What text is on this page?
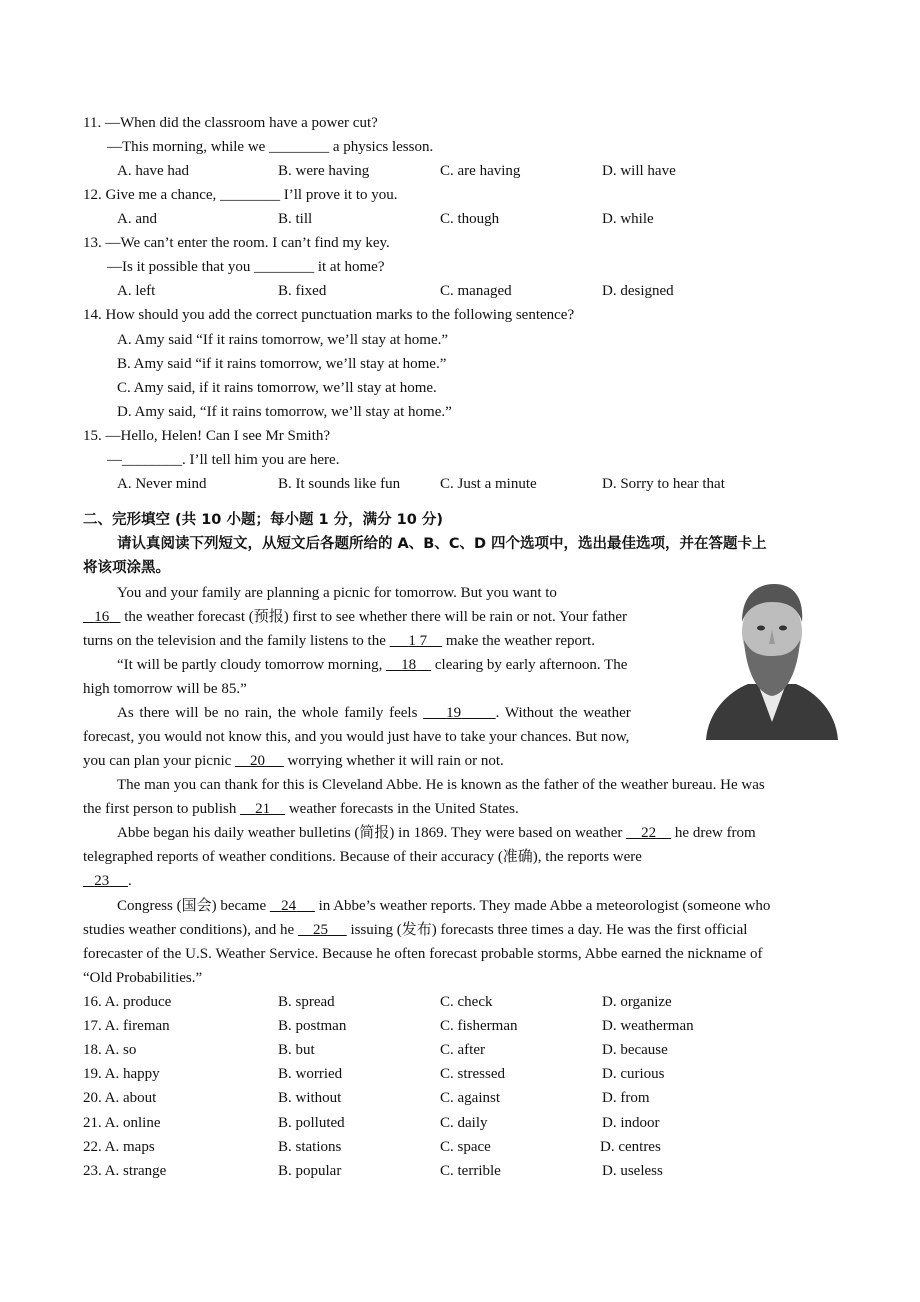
11. —When did the classroom have a power cut?
—This morning, while we ________ a physics lesson.
A. have had	B. were having	C. are having	D. will have
12. Give me a chance, ________ I’ll prove it to you.
A. and	B. till	C. though	D. while
13. —We can’t enter the room. I can’t find my key.
—Is it possible that you ________ it at home?
A. left	B. fixed	C. managed	D. designed
14. How should you add the correct punctuation marks to the following sentence?
A. Amy said “If it rains tomorrow, we’ll stay at home.”
B. Amy said “if it rains tomorrow, we’ll stay at home.”
C. Amy said, if it rains tomorrow, we’ll stay at home.
D. Amy said, “If it rains tomorrow, we’ll stay at home.”
15. —Hello, Helen! Can I see Mr Smith?
—________. I’ll tell him you are here.
A. Never mind	B. It sounds like fun	C. Just a minute	D. Sorry to hear that
二、完形填空 (共 10 小题；每小题 1 分，满分 10 分)
请认真阅读下列短文，从短文后各题所给的 A、B、C、D 四个选项中，选出最佳选项，并在答题卡上
将该项涂黑。
You and your family are planning a picnic for tomorrow. But you want to
16    the weather forecast (预报) first to see whether there will be rain or not. Your father
turns on the television and the family listens to the      1 7     make the weather report.
“It will be partly cloudy tomorrow morning,     18     clearing by early afternoon. The
high tomorrow will be 85.”
As there will be no rain, the whole family feels     19 . Without the weather
forecast, you would not know this, and you would just have to take your chances. But now,
you can plan your picnic     20      worrying whether it will rain or not.
The man you can thank for this is Cleveland Abbe. He is known as the father of the weather bureau. He was
the first person to publish     21     weather forecasts in the United States.
Abbe began his daily weather bulletins (简报) in 1869. They were based on weather     22     he drew from
telegraphed reports of weather conditions. Because of their accuracy (准确), the reports were
23 .
Congress (国会) became    24      in Abbe’s weather reports. They made Abbe a meteorologist (someone who
studies weather conditions), and he     25      issuing (发布) forecasts three times a day. He was the first official
forecaster of the U.S. Weather Service. Because he often forecast probable storms, Abbe earned the nickname of
“Old Probabilities.”
16. A. produce	B. spread	C. check	D. organize
17. A. fireman	B. postman	C. fisherman	D. weatherman
18. A. so	B. but	C. after	D. because
19. A. happy	B. worried	C. stressed	D. curious
20. A. about	B. without	C. against	D. from
21. A. online	B. polluted	C. daily	D. indoor
22. A. maps	B. stations	C. space	D. centres
23. A. strange	B. popular	C. terrible	D. useless
